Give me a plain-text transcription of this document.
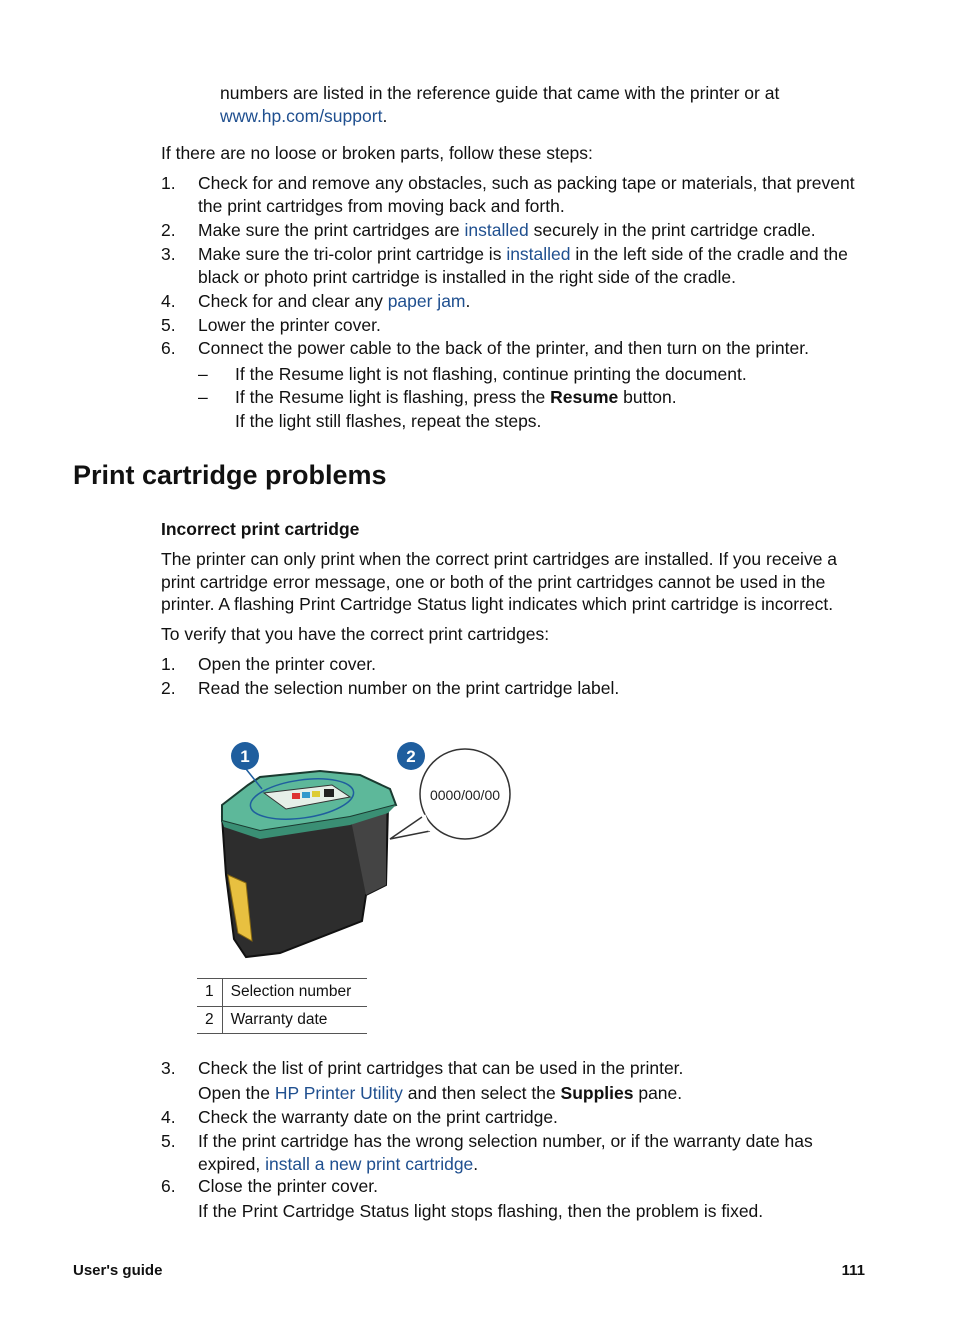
numbers are listed in the reference guide that came with the printer or at
www.hp.com/support.
If there are no loose or broken parts, follow these steps:
1. Check for and remove any obstacles, such as packing tape or materials, that prevent
the print cartridges from moving back and forth.
2. Make sure the print cartridges are installed securely in the print cartridge cradle.
3. Make sure the tri-color print cartridge is installed in the left side of the cradle and the
black or photo print cartridge is installed in the right side of the cradle.
4. Check for and clear any paper jam.
5. Lower the printer cover.
6. Connect the power cable to the back of the printer, and then turn on the printer.
– If the Resume light is not flashing, continue printing the document.
– If the Resume light is flashing, press the Resume button.
If the light still flashes, repeat the steps.
Print cartridge problems
Incorrect print cartridge
The printer can only print when the correct print cartridges are installed. If you receive a
print cartridge error message, one or both of the print cartridges cannot be used in the
printer. A flashing Print Cartridge Status light indicates which print cartridge is incorrect.
To verify that you have the correct print cartridges:
1. Open the printer cover.
2. Read the selection number on the print cartridge label.
1	2
0000/00/00
1	Selection number
2	Warranty date
3. Check the list of print cartridges that can be used in the printer.
Open the HP Printer Utility and then select the Supplies pane.
4. Check the warranty date on the print cartridge.
5. If the print cartridge has the wrong selection number, or if the warranty date has
expired, install a new print cartridge.
6. Close the printer cover.
If the Print Cartridge Status light stops flashing, then the problem is fixed.
User's guide	111
